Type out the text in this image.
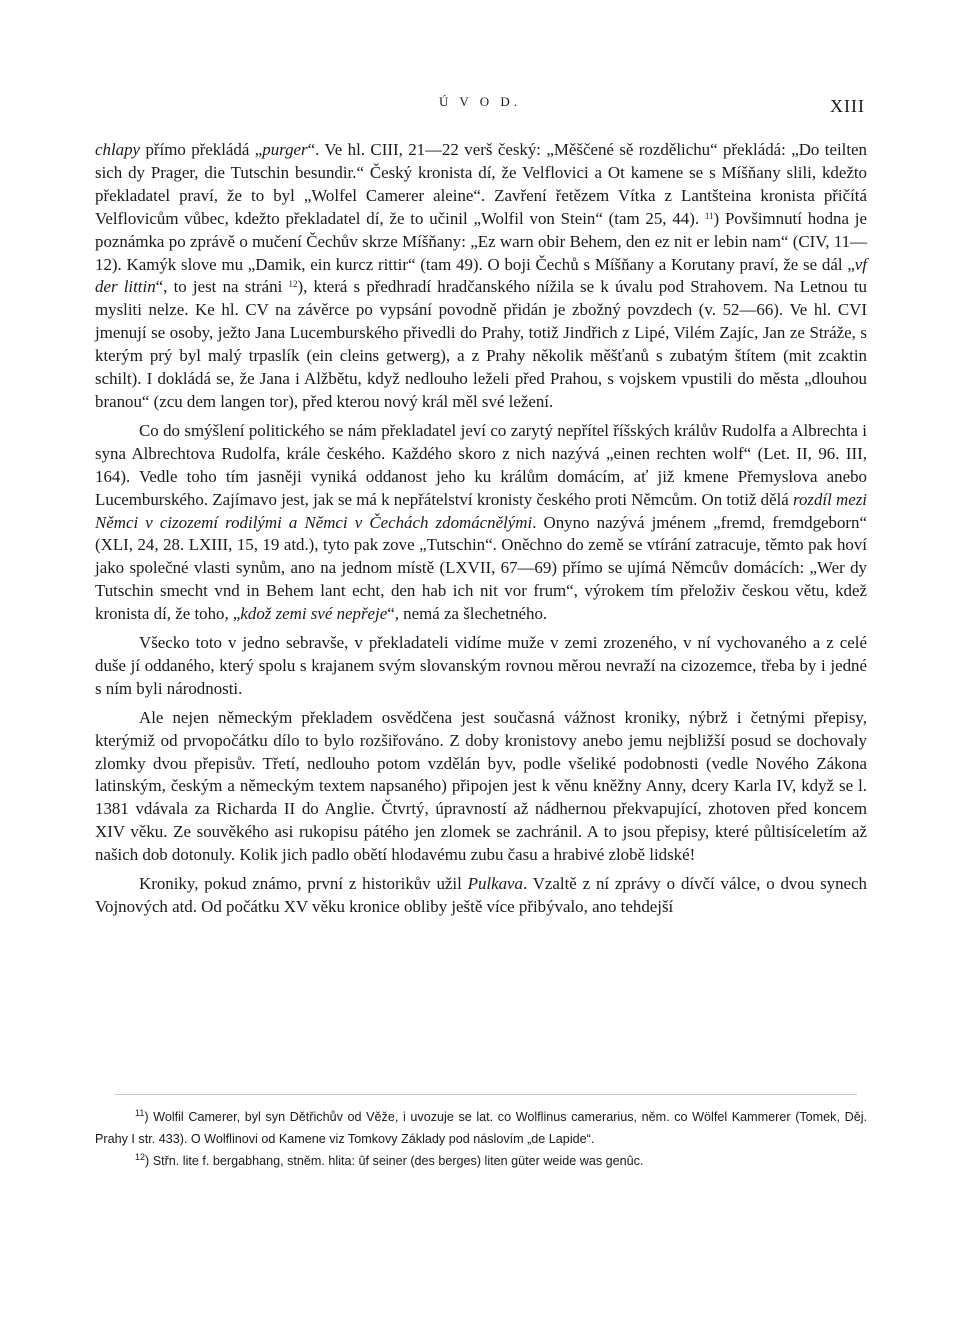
Ú V O D.	XIII

chlapy přímo překládá „purger“. Ve hl. CIII, 21—22 verš český: „Měščené sě rozdělichu“ překládá: „Do teilten sich dy Prager, die Tutschin besundir.“ Český kronista dí, že Velflovici a Ot kamene se s Míšňany slili, kdežto překladatel praví, že to byl „Wolfel Camerer aleine“. Zavření řetězem Vítka z Lantšteina kronista přičítá Velflovicům vůbec, kdežto překladatel dí, že to učinil „Wolfil von Stein“ (tam 25, 44). $^{11}$) Povšimnutí hodna je poznámka po zprávě o mučení Čechův skrze Míšňany: „Ez warn obir Behem, den ez nit er lebin nam“ (CIV, 11—12). Kamýk slove mu „Damik, ein kurcz rittir“ (tam 49). O boji Čechů s Míšňany a Korutany praví, že se dál „vf der littin“, to jest na stráni $^{12}$), která s předhradí hradčanského nížila se k úvalu pod Strahovem. Na Letnou tu mysliti nelze. Ke hl. CV na závěrce po vypsání povodně přidán je zbožný povzdech (v. 52—66). Ve hl. CVI jmenují se osoby, ježto Jana Lucemburského přivedli do Prahy, totiž Jindřich z Lipé, Vilém Zajíc, Jan ze Stráže, s kterým prý byl malý trpaslík (ein cleins getwerg), a z Prahy několik měšťanů s zubatým štítem (mit zcaktin schilt). I dokládá se, že Jana i Alžbětu, když nedlouho leželi před Prahou, s vojskem vpustili do města „dlouhou branou“ (zcu dem langen tor), před kterou nový král měl své ležení.

Co do smýšlení politického se nám překladatel jeví co zarytý nepřítel říšských králův Rudolfa a Albrechta i syna Albrechtova Rudolfa, krále českého. Každého skoro z nich nazývá „einen rechten wolf“ (Let. II, 96. III, 164). Vedle toho tím jasněji vyniká oddanost jeho ku králům domácím, ať již kmene Přemyslova anebo Lucemburského. Zajímavo jest, jak se má k nepřátelství kronisty českého proti Němcům. On totiž dělá rozdíl mezi Němci v cizozemí rodilými a Němci v Čechách zdomácnělými. Onyno nazývá jménem „fremd, fremdgeborn“ (XLI, 24, 28. LXIII, 15, 19 atd.), tyto pak zove „Tutschin“. Oněchno do země se vtírání zatracuje, těmto pak hoví jako společné vlasti synům, ano na jednom místě (LXVII, 67—69) přímo se ujímá Němcův domácích: „Wer dy Tutschin smecht vnd in Behem lant echt, den hab ich nit vor frum“, výrokem tím přeloživ českou větu, kdež kronista dí, že toho, „kdož zemi své nepřeje“, nemá za šlechetného.

Všecko toto v jedno sebravše, v překladateli vidíme muže v zemi zrozeného, v ní vychovaného a z celé duše jí oddaného, který spolu s krajanem svým slovanským rovnou měrou nevraží na cizozemce, třeba by i jedné s ním byli národnosti.

Ale nejen německým překladem osvědčena jest současná vážnost kroniky, nýbrž i četnými přepisy, kterýmiž od prvopočátku dílo to bylo rozšiřováno. Z doby kronistovy anebo jemu nejbližší posud se dochovaly zlomky dvou přepisův. Třetí, nedlouho potom vzdělán byv, podle všeliké podobnosti (vedle Nového Zákona latinským, českým a německým textem napsaného) připojen jest k věnu kněžny Anny, dcery Karla IV, když se l. 1381 vdávala za Richarda II do Anglie. Čtvrtý, úpravností až nádhernou překvapující, zhotoven před koncem XIV věku. Ze souvěkého asi rukopisu pátého jen zlomek se zachránil. A to jsou přepisy, které půltisíceletím až našich dob dotonuly. Kolik jich padlo obětí hlodavému zubu času a hrabivé zlobě lidské!

Kroniky, pokud známo, první z historikův užil Pulkava. Vzaltě z ní zprávy o dívčí válce, o dvou synech Vojnových atd. Od počátku XV věku kronice obliby ještě více přibývalo, ano tehdejší

$^{11}$) Wolfil Camerer, byl syn Dětřichův od Věže, i uvozuje se lat. co Wolflinus camerarius, něm. co Wölfel Kammerer (Tomek, Děj. Prahy I str. 433). O Wolflinovi od Kamene viz Tomkovy Základy pod náslovím „de Lapide“.

$^{12}$) Střn. lite f. bergabhang, stněm. hlita: ûf seiner (des berges) liten güter weide was genûc.
